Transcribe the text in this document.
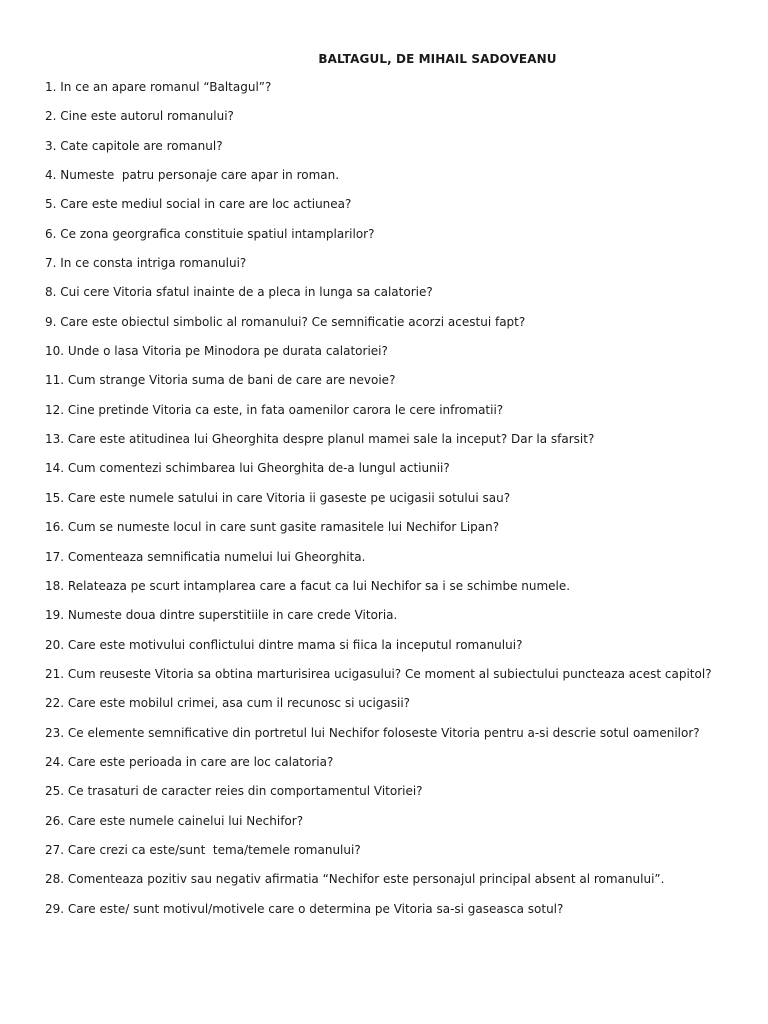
BALTAGUL, DE MIHAIL SADOVEANU
1. In ce an apare romanul “Baltagul”?
2. Cine este autorul romanului?
3. Cate capitole are romanul?
4. Numeste  patru personaje care apar in roman.
5. Care este mediul social in care are loc actiunea?
6. Ce zona georgrafica constituie spatiul intamplarilor?
7. In ce consta intriga romanului?
8. Cui cere Vitoria sfatul inainte de a pleca in lunga sa calatorie?
9. Care este obiectul simbolic al romanului? Ce semnificatie acorzi acestui fapt?
10. Unde o lasa Vitoria pe Minodora pe durata calatoriei?
11. Cum strange Vitoria suma de bani de care are nevoie?
12. Cine pretinde Vitoria ca este, in fata oamenilor carora le cere infromatii?
13. Care este atitudinea lui Gheorghita despre planul mamei sale la inceput? Dar la sfarsit?
14. Cum comentezi schimbarea lui Gheorghita de-a lungul actiunii?
15. Care este numele satului in care Vitoria ii gaseste pe ucigasii sotului sau?
16. Cum se numeste locul in care sunt gasite ramasitele lui Nechifor Lipan?
17. Comenteaza semnificatia numelui lui Gheorghita.
18. Relateaza pe scurt intamplarea care a facut ca lui Nechifor sa i se schimbe numele.
19. Numeste doua dintre superstitiile in care crede Vitoria.
20. Care este motivului conflictului dintre mama si fiica la inceputul romanului?
21. Cum reuseste Vitoria sa obtina marturisirea ucigasului? Ce moment al subiectului puncteaza acest capitol?
22. Care este mobilul crimei, asa cum il recunosc si ucigasii?
23. Ce elemente semnificative din portretul lui Nechifor foloseste Vitoria pentru a-si descrie sotul oamenilor?
24. Care este perioada in care are loc calatoria?
25. Ce trasaturi de caracter reies din comportamentul Vitoriei?
26. Care este numele cainelui lui Nechifor?
27. Care crezi ca este/sunt  tema/temele romanului?
28. Comenteaza pozitiv sau negativ afirmatia “Nechifor este personajul principal absent al romanului”.
29. Care este/ sunt motivul/motivele care o determina pe Vitoria sa-si gaseasca sotul?
